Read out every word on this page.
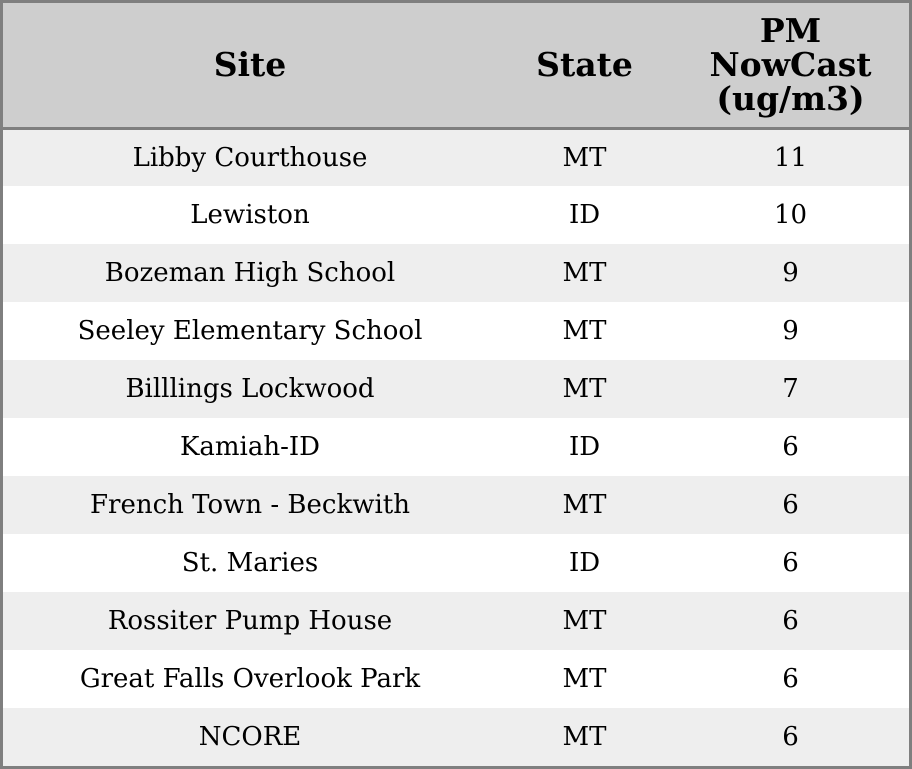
Site	State	PM
NowCast
(ug/m3)

Libby Courthouse	MT	11
Lewiston	ID	10
Bozeman High School	MT	9
Seeley Elementary School	MT	9
Billlings Lockwood	MT	7
Kamiah-ID	ID	6
French Town - Beckwith	MT	6
St. Maries	ID	6
Rossiter Pump House	MT	6
Great Falls Overlook Park	MT	6
NCORE	MT	6
